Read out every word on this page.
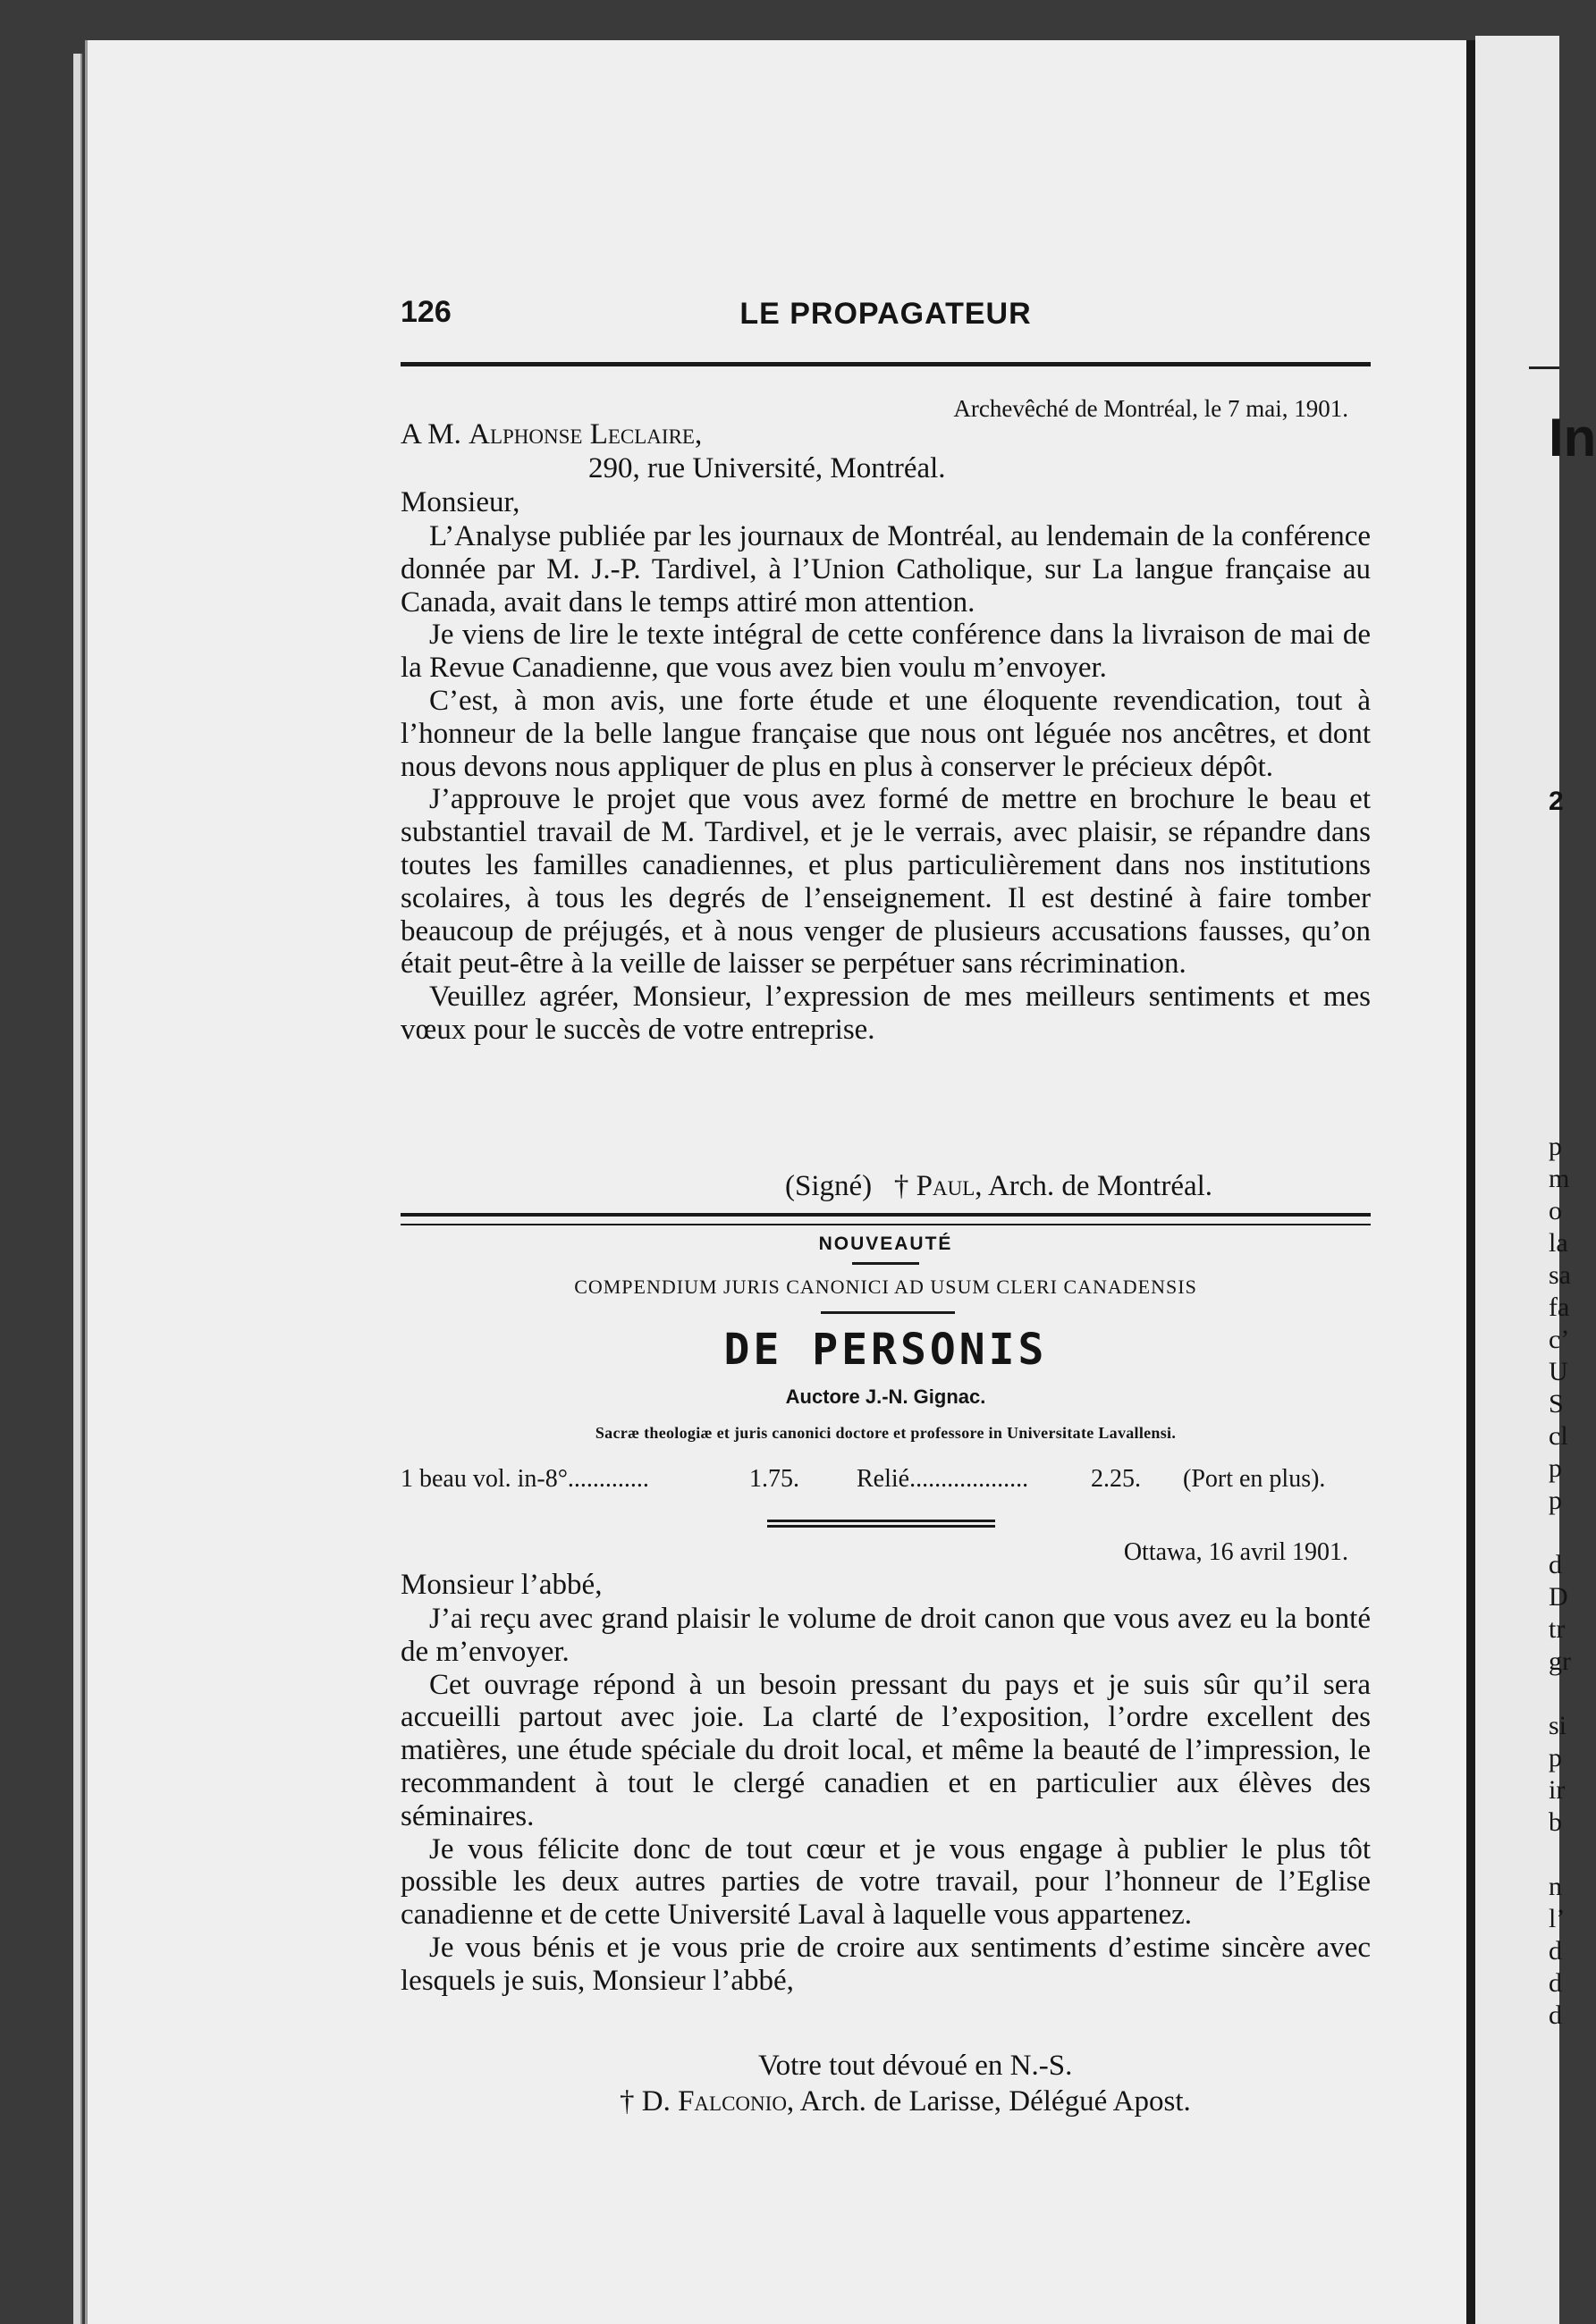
126	LE PROPAGATEUR
Archevêché de Montréal, le 7 mai, 1901.
A M. Alphonse Leclaire,
290, rue Université, Montréal.
Monsieur,

L’Analyse publiée par les journaux de Montréal, au lendemain de la conférence donnée par M. J.-P. Tardivel, à l’Union Catholique, sur La langue française au Canada, avait dans le temps attiré mon attention.

Je viens de lire le texte intégral de cette conférence dans la livraison de mai de la Revue Canadienne, que vous avez bien voulu m’envoyer.

C’est, à mon avis, une forte étude et une éloquente revendication, tout à l’honneur de la belle langue française que nous ont léguée nos ancêtres, et dont nous devons nous appliquer de plus en plus à conserver le précieux dépôt.

J’approuve le projet que vous avez formé de mettre en brochure le beau et substantiel travail de M. Tardivel, et je le verrais, avec plaisir, se répandre dans toutes les familles canadiennes, et plus particulièrement dans nos institutions scolaires, à tous les degrés de l’enseignement. Il est destiné à faire tomber beaucoup de préjugés, et à nous venger de plusieurs accusations fausses, qu’on était peut-être à la veille de laisser se perpétuer sans récrimination.

Veuillez agréer, Monsieur, l’expression de mes meilleurs sentiments et mes vœux pour le succès de votre entreprise.

(Signé) † Paul, Arch. de Montréal.
NOUVEAUTÉ
COMPENDIUM JURIS CANONICI AD USUM CLERI CANADENSIS
DE PERSONIS
Auctore J.-N. Gignac.
Sacræ theologiæ et juris canonici doctore et professore in Universitate Lavallensi.
1 beau vol. in-8°.............	1.75. Relié................... 2.25. (Port en plus).
Ottawa, 16 avril 1901.
Monsieur l’abbé,

J’ai reçu avec grand plaisir le volume de droit canon que vous avez eu la bonté de m’envoyer.

Cet ouvrage répond à un besoin pressant du pays et je suis sûr qu’il sera accueilli partout avec joie. La clarté de l’exposition, l’ordre excellent des matières, une étude spéciale du droit local, et même la beauté de l’impression, le recommandent à tout le clergé canadien et en particulier aux élèves des séminaires.

Je vous félicite donc de tout cœur et je vous engage à publier le plus tôt possible les deux autres parties de votre travail, pour l’honneur de l’Eglise canadienne et de cette Université Laval à laquelle vous appartenez.

Je vous bénis et je vous prie de croire aux sentiments d’estime sincère avec lesquels je suis, Monsieur l’abbé,

Votre tout dévoué en N.-S.
† D. Falconio, Arch. de Larisse, Délégué Apost.
In
2
p
m
o
la
sa
fa
c’
U
S
cl
p
p
d
D
tr
gr
si
p
ir
b
n
l’
d
d
d
